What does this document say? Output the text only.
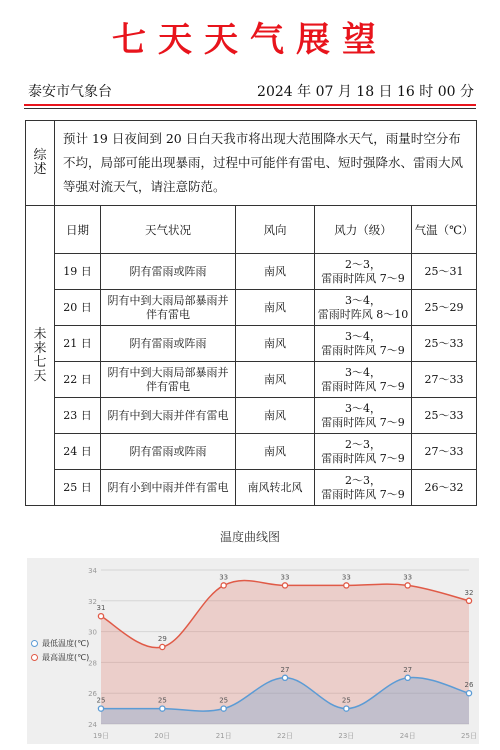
七天天气展望
泰安市气象台	2024 年 07 月 18 日 16 时 00 分
综
述	预计 19 日夜间到 20 日白天我市将出现大范围降水天气，雨量时空分布不均，局部可能出现暴雨，过程中可能伴有雷电、短时强降水、雷雨大风等强对流天气，请注意防范。				
未
来
七
天	日期	天气状况	风向	风力（级）	气温（℃）
	19 日	阴有雷雨或阵雨	南风	2～3，
雷雨时阵风 7～9	25～31
	20 日	阴有中到大雨局部暴雨并伴有雷电	南风	3～4，
雷雨时阵风 8～10	25～29
	21 日	阴有雷雨或阵雨	南风	3～4，
雷雨时阵风 7～9	25～33
	22 日	阴有中到大雨局部暴雨并伴有雷电	南风	3～4，
雷雨时阵风 7～9	27～33
	23 日	阴有中到大雨并伴有雷电	南风	3～4，
雷雨时阵风 7～9	25～33
	24 日	阴有雷雨或阵雨	南风	2～3，
雷雨时阵风 7～9	27～33
	25 日	阴有小到中雨并伴有雷电	南风转北风	2～3，
雷雨时阵风 7～9	26～32
温度曲线图
24
26
28
30
32
34
19日	20日	21日	22日	23日	24日	25日
25	25	25
27
25
27
26
31
29
33	33	33	33
32
最低温度(℃)
最高温度(℃)
